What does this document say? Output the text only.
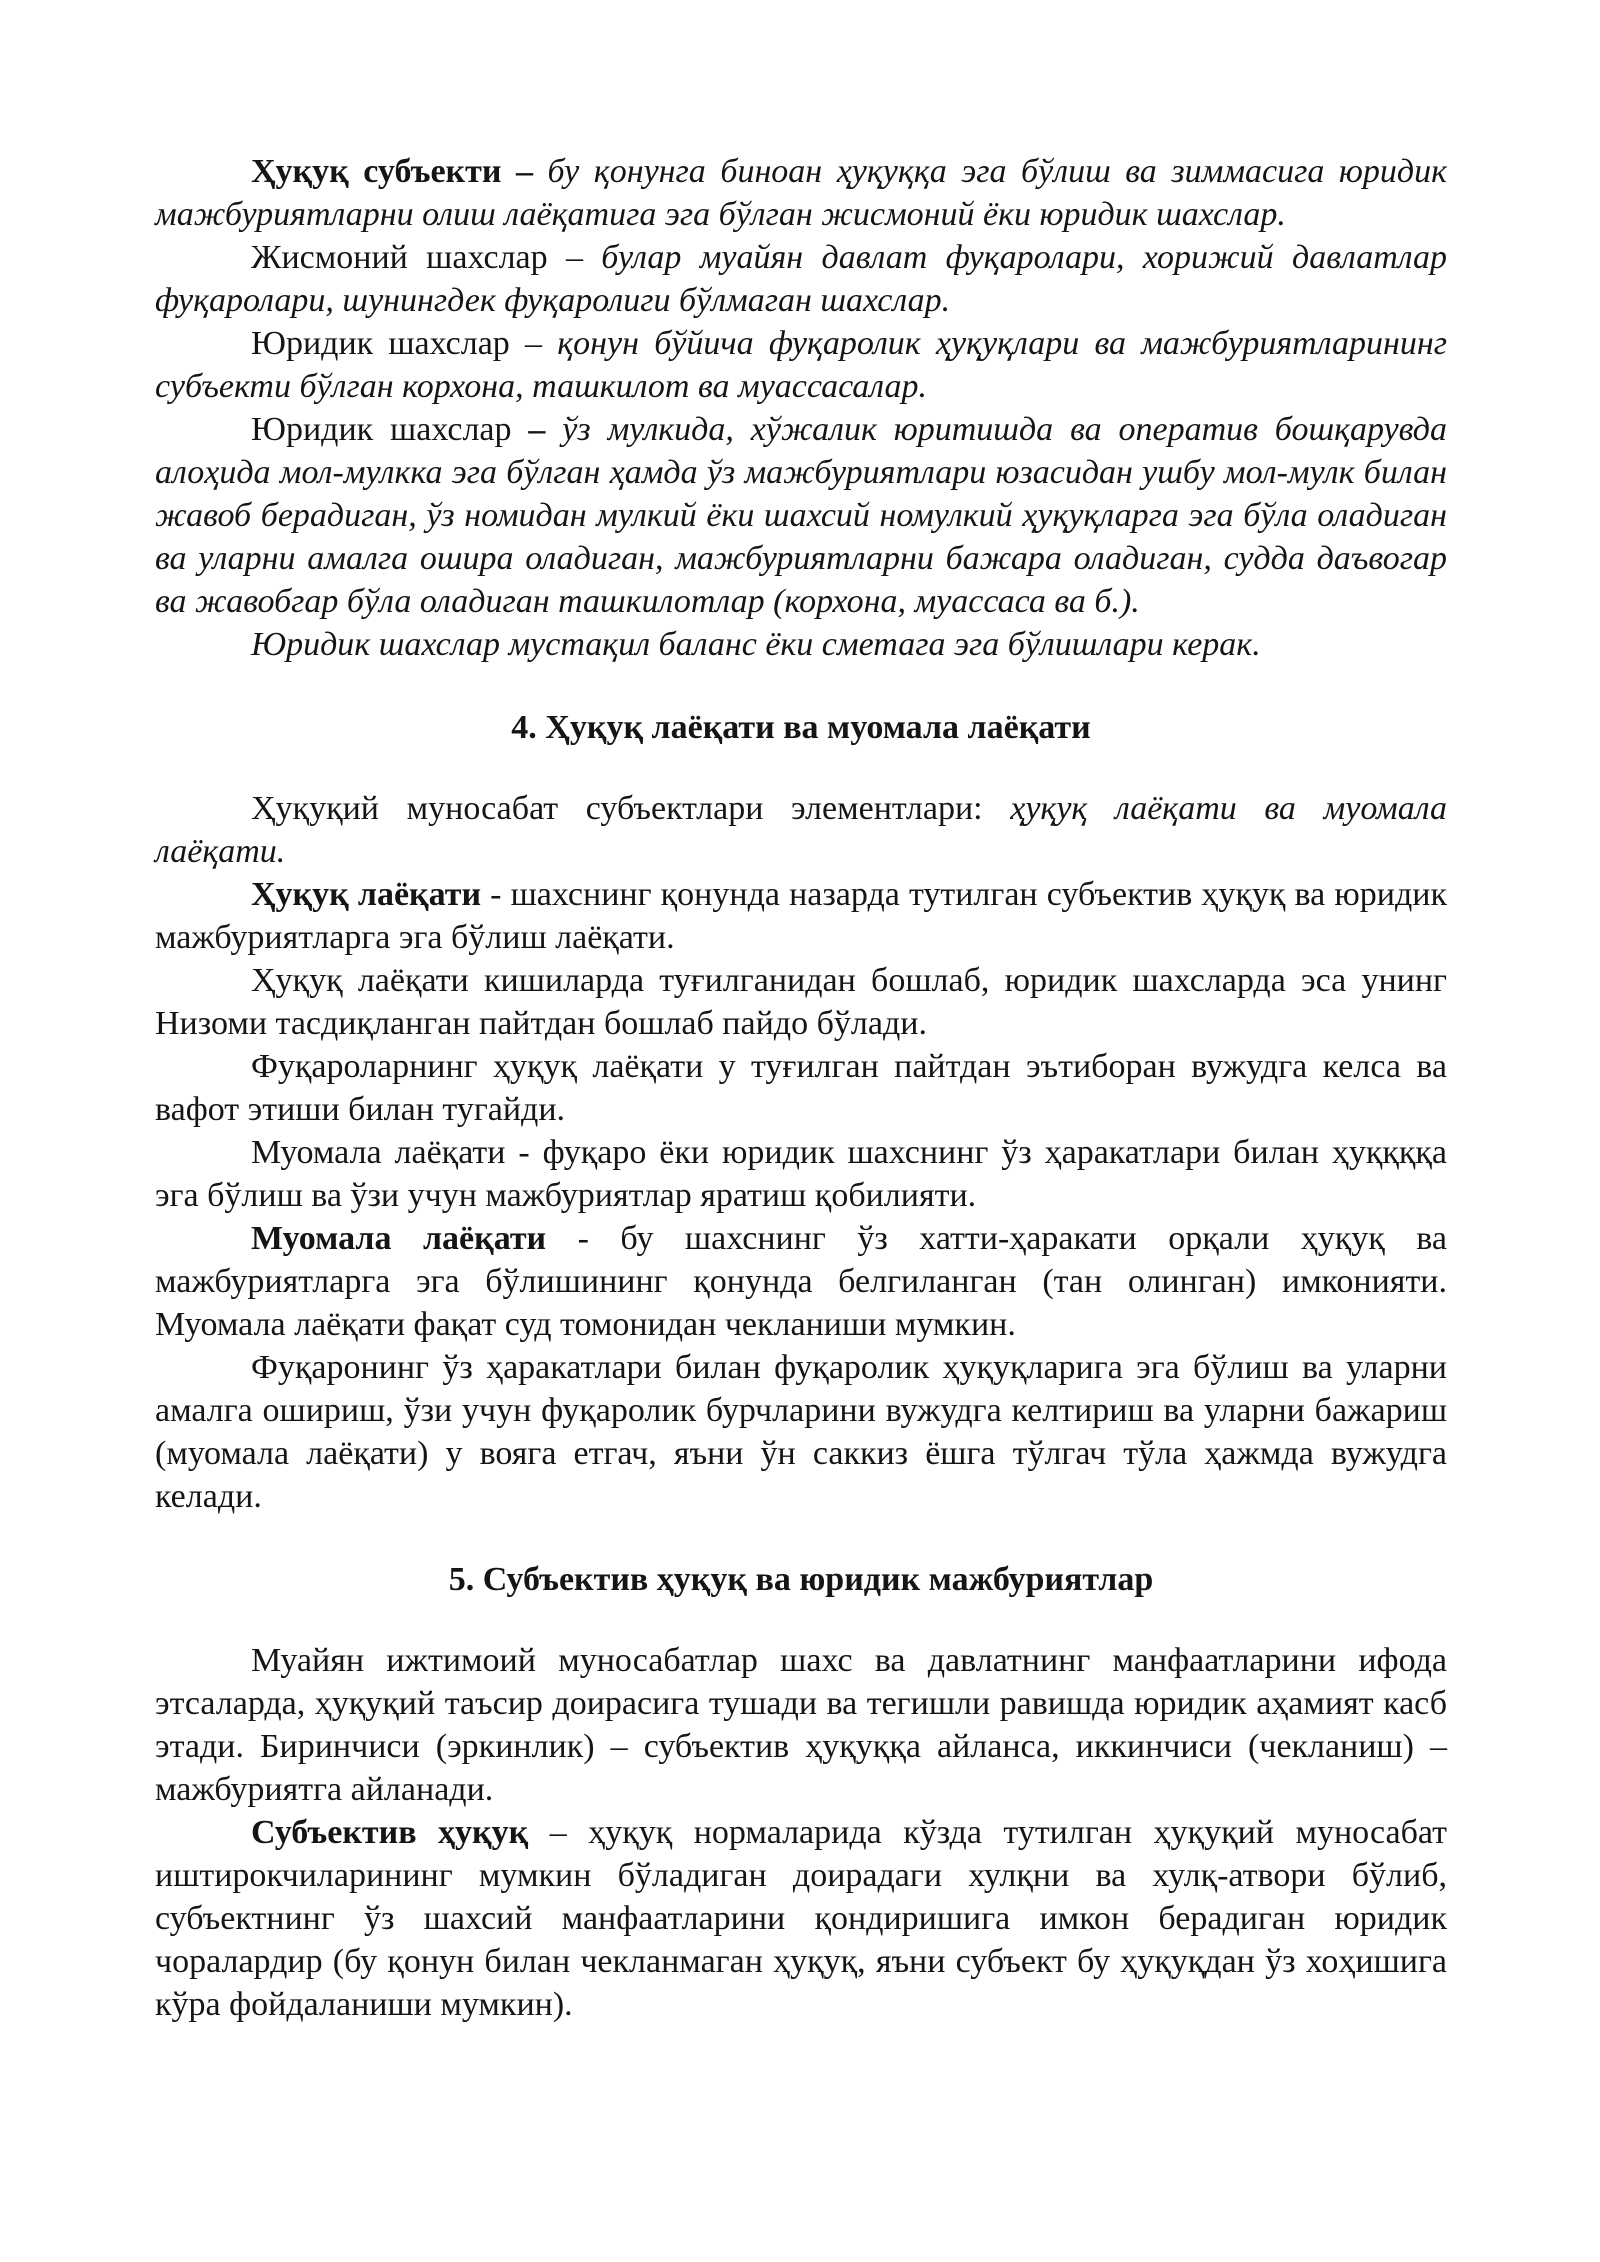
Ҳуқуқ субъекти – бу қонунга биноан ҳуқуққа эга бўлиш ва зиммасига юридик мажбуриятларни олиш лаёқатига эга бўлган жисмоний ёки юридик шахслар.

Жисмоний шахслар – булар муайян давлат фуқаролари, хорижий давлатлар фуқаролари, шунингдек фуқаролиги бўлмаган шахслар.

Юридик шахслар – қонун бўйича фуқаролик ҳуқуқлари ва мажбуриятларининг субъекти бўлган корхона, ташкилот ва муассасалар.

Юридик шахслар – ўз мулкида, хўжалик юритишда ва оператив бошқарувда алоҳида мол-мулкка эга бўлган ҳамда ўз мажбуриятлари юзасидан ушбу мол-мулк билан жавоб берадиган, ўз номидан мулкий ёки шахсий номулкий ҳуқуқларга эга бўла оладиган ва уларни амалга ошира оладиган, мажбуриятларни бажара оладиган, судда даъвогар ва жавобгар бўла оладиган ташкилотлар (корхона, муассаса ва б.).

Юридик шахслар мустақил баланс ёки сметага эга бўлишлари керак.

4. Ҳуқуқ лаёқати ва муомала лаёқати

Ҳуқуқий муносабат субъектлари элементлари: ҳуқуқ лаёқати ва муомала лаёқати.

Ҳуқуқ лаёқати - шахснинг қонунда назарда тутилган субъектив ҳуқуқ ва юридик мажбуриятларга эга бўлиш лаёқати.

Ҳуқуқ лаёқати кишиларда туғилганидан бошлаб, юридик шахсларда эса унинг Низоми тасдиқланган пайтдан бошлаб пайдо бўлади.

Фуқароларнинг ҳуқуқ лаёқати у туғилган пайтдан эътиборан вужудга келса ва вафот этиши билан тугайди.

Муомала лаёқати - фуқаро ёки юридик шахснинг ўз ҳаракатлари билан ҳуққққа эга бўлиш ва ўзи учун мажбуриятлар яратиш қобилияти.

Муомала лаёқати - бу шахснинг ўз хатти-ҳаракати орқали ҳуқуқ ва мажбуриятларга эга бўлишининг қонунда белгиланган (тан олинган) имконияти. Муомала лаёқати фақат суд томонидан чекланиши мумкин.

Фуқаронинг ўз ҳаракатлари билан фуқаролик ҳуқуқларига эга бўлиш ва уларни амалга ошириш, ўзи учун фуқаролик бурчларини вужудга келтириш ва уларни бажариш (муомала лаёқати) у вояга етгач, яъни ўн саккиз ёшга тўлгач тўла ҳажмда вужудга келади.

5. Субъектив ҳуқуқ ва юридик мажбуриятлар

Муайян ижтимоий муносабатлар шахс ва давлатнинг манфаатларини ифода этсаларда, ҳуқуқий таъсир доирасига тушади ва тегишли равишда юридик аҳамият касб этади. Биринчиси (эркинлик) – субъектив ҳуқуққа айланса, иккинчиси (чекланиш) – мажбуриятга айланади.

Субъектив ҳуқуқ – ҳуқуқ нормаларида кўзда тутилган ҳуқуқий муносабат иштирокчиларининг мумкин бўладиган доирадаги хулқни ва хулқ-атвори бўлиб, субъектнинг ўз шахсий манфаатларини қондиришига имкон берадиган юридик чоралардир (бу қонун билан чекланмаган ҳуқуқ, яъни субъект бу ҳуқуқдан ўз хоҳишига кўра фойдаланиши мумкин).
